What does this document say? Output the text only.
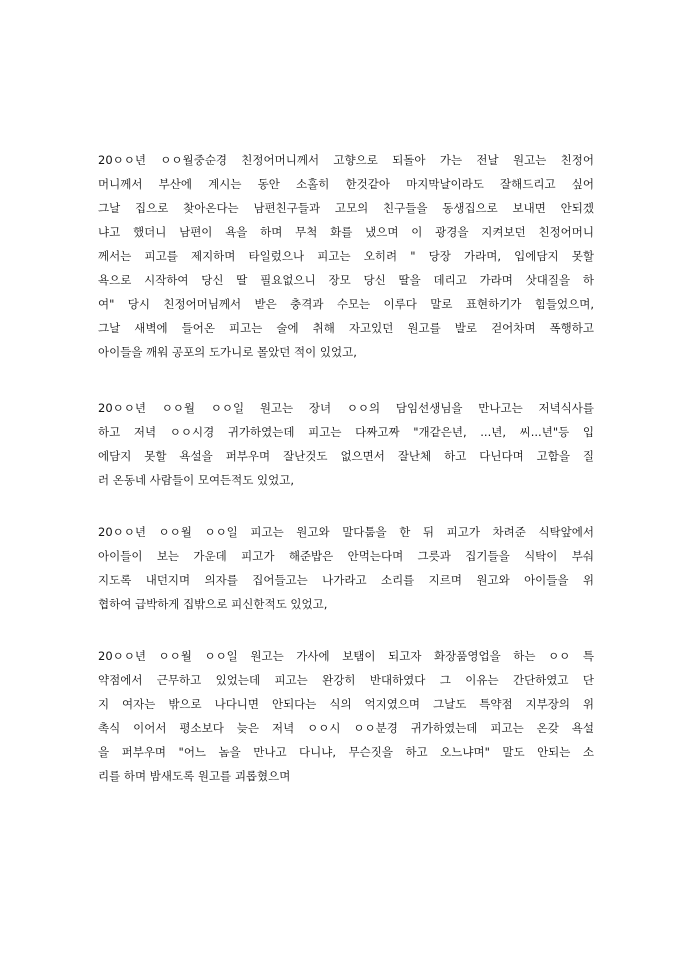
20ㅇㅇ년 ㅇㅇ월중순경 친정어머니께서 고향으로 되돌아 가는 전날 원고는 친정어
머니께서 부산에 계시는 동안 소홀히 한것같아 마지막날이라도 잘해드리고 싶어
그날 집으로 찾아온다는 남편친구들과 고모의 친구들을 동생집으로 보내면 안되겠
냐고 했더니 남편이 욕을 하며 무척 화를 냈으며 이 광경을 지켜보던 친정어머니
께서는 피고를 제지하며 타일렀으나 피고는 오히려 " 당장 가라며, 입에담지 못할
욕으로 시작하여 당신 딸 필요없으니 장모 당신 딸을 데리고 가라며 삿대질을 하
여" 당시 친정어머님께서 받은 충격과 수모는 이루다 말로 표현하기가 힘들었으며,
그날 새벽에 들어온 피고는 술에 취해 자고있던 원고를 발로 걷어차며 폭행하고
아이들을 깨워 공포의 도가니로 몰았던 적이 있었고,
20ㅇㅇ년 ㅇㅇ월 ㅇㅇ일 원고는 장녀 ㅇㅇ의 담임선생님을 만나고는 저녁식사를
하고 저녁 ㅇㅇ시경 귀가하였는데 피고는 다짜고짜 "개같은년, ...년, 씨...년"등 입
에담지 못할 욕설을 퍼부우며 잘난것도 없으면서 잘난체 하고 다닌다며 고함을 질
러 온동네 사람들이 모여든적도 있었고,
20ㅇㅇ년 ㅇㅇ월 ㅇㅇ일 피고는 원고와 말다툼을 한 뒤 피고가 차려준 식탁앞에서
아이들이 보는 가운데 피고가 해준밥은 안먹는다며 그릇과 집기들을 식탁이 부숴
지도록 내던지며 의자를 집어들고는 나가라고 소리를 지르며 원고와 아이들을 위
협하여 급박하게 집밖으로 피신한적도 있었고,
20ㅇㅇ년 ㅇㅇ월 ㅇㅇ일 원고는 가사에 보탬이 되고자 화장품영업을 하는 ㅇㅇ 특
약점에서 근무하고 있었는데 피고는 완강히 반대하였다 그 이유는 간단하였고 단
지 여자는 밖으로 나다니면 안되다는 식의 억지였으며 그날도 특약점 지부장의 위
촉식 이어서 평소보다 늦은 저녁 ㅇㅇ시 ㅇㅇ분경 귀가하였는데 피고는 온갖 욕설
을 퍼부우며 "어느 놈을 만나고 다니냐, 무슨짓을 하고 오느냐며" 말도 안되는 소
리를 하며 밤새도록 원고를 괴롭혔으며
